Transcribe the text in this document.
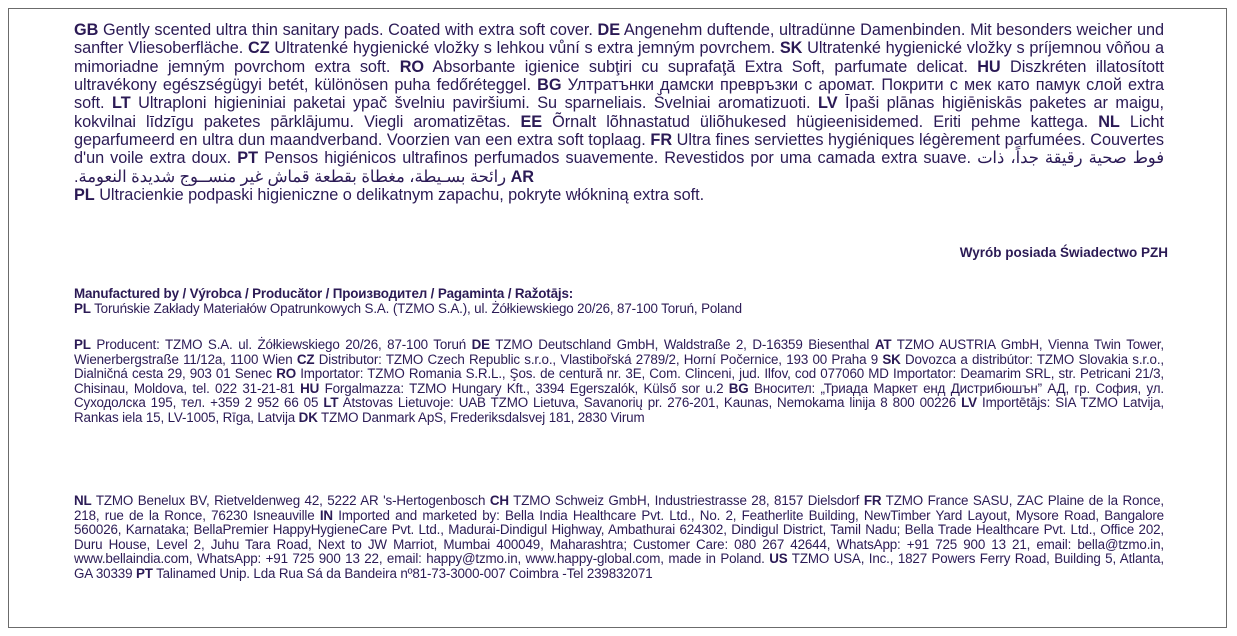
GB Gently scented ultra thin sanitary pads. Coated with extra soft cover. DE Angenehm duftende, ultradünne Damenbinden. Mit besonders weicher und sanfter Vliesoberfläche. CZ Ultratenké hygienické vložky s lehkou vůní s extra jemným povrchem. SK Ultratenké hygienické vložky s príjemnou vôňou a mimoriadne jemným povrchom extra soft. RO Absorbante igienice subţiri cu suprafaţă Extra Soft, parfumate delicat. HU Diszkréten illatosított ultravékony egészségügyi betét, különösen puha fedőréteggel. BG Ултратънки дамски превръзки с аромат. Покрити с мек като памук слой extra soft. LT Ultraploni higieniniai paketai ypač švelniu paviršiumi. Su sparneliais. Švelniai aromatizuoti. LV Īpaši plānas higiēniskās paketes ar maigu, kokvilnai līdzīgu paketes pārklājumu. Viegli aromatizētas. EE Õrnalt lõhnastatud üliõhukesed hügieenisidemed. Eriti pehme kattega. NL Licht geparfumeerd en ultra dun maandverband. Voorzien van een extra soft toplaag. FR Ultra fines serviettes hygiéniques légèrement parfumées. Couvertes d'un voile extra doux. PT Pensos higiénicos ultrafinos perfumados suavemente. Revestidos por uma camada extra suave. فوط صحية رقيقة جداً، ذات رائحة بسـيطة، مغطاة بقطعة قماش غير منســوج شديدة النعومة. AR
PL Ultracienkie podpaski higieniczne o delikatnym zapachu, pokryte włókniną extra soft.
Wyrób posiada Świadectwo PZH
Manufactured by / Výrobca / Producător / Производител / Pagaminta / Ražotājs:
PL Toruńskie Zakłady Materiałów Opatrunkowych S.A. (TZMO S.A.), ul. Żółkiewskiego 20/26, 87-100 Toruń, Poland
PL Producent: TZMO S.A. ul. Żółkiewskiego 20/26, 87-100 Toruń DE TZMO Deutschland GmbH, Waldstraße 2, D-16359 Biesenthal AT TZMO AUSTRIA GmbH, Vienna Twin Tower, Wienerbergstraße 11/12a, 1100 Wien CZ Distributor: TZMO Czech Republic s.r.o., Vlastibořská 2789/2, Horní Počernice, 193 00 Praha 9 SK Dovozca a distribútor: TZMO Slovakia s.r.o., Dialničná cesta 29, 903 01 Senec RO Importator: TZMO Romania S.R.L., Şos. de centură nr. 3E, Com. Clinceni, jud. Ilfov, cod 077060 MD Importator: Deamarim SRL, str. Petricani 21/3, Chisinau, Moldova, tel. 022 31-21-81 HU Forgalmazza: TZMO Hungary Kft., 3394 Egerszalók, Külső sor u.2 BG Вносител: „Триада Маркет енд Дистрибюшън” АД, гр. София, ул. Суходолска 195, тел. +359 2 952 66 05 LT Atstovas Lietuvoje: UAB TZMO Lietuva, Savanorių pr. 276-201, Kaunas, Nemokama linija 8 800 00226 LV Importētājs: SIA TZMO Latvija, Rankas iela 15, LV-1005, Rīga, Latvija DK TZMO Danmark ApS, Frederiksdalsvej 181, 2830 Virum
NL TZMO Benelux BV, Rietveldenweg 42, 5222 AR 's-Hertogenbosch CH TZMO Schweiz GmbH, Industriestrasse 28, 8157 Dielsdorf FR TZMO France SASU, ZAC Plaine de la Ronce, 218, rue de la Ronce, 76230 Isneauville IN Imported and marketed by: Bella India Healthcare Pvt. Ltd., No. 2, Featherlite Building, NewTimber Yard Layout, Mysore Road, Bangalore 560026, Karnataka; BellaPremier HappyHygieneCare Pvt. Ltd., Madurai-Dindigul Highway, Ambathurai 624302, Dindigul District, Tamil Nadu; Bella Trade Healthcare Pvt. Ltd., Office 202, Duru House, Level 2, Juhu Tara Road, Next to JW Marriot, Mumbai 400049, Maharashtra; Customer Care: 080 267 42644, WhatsApp: +91 725 900 13 21, email: bella@tzmo.in, www.bellaindia.com, WhatsApp: +91 725 900 13 22, email: happy@tzmo.in, www.happy-global.com, made in Poland. US TZMO USA, Inc., 1827 Powers Ferry Road, Building 5, Atlanta, GA 30339 PT Talinamed Unip. Lda Rua Sá da Bandeira nº81-73-3000-007 Coimbra -Tel 239832071
